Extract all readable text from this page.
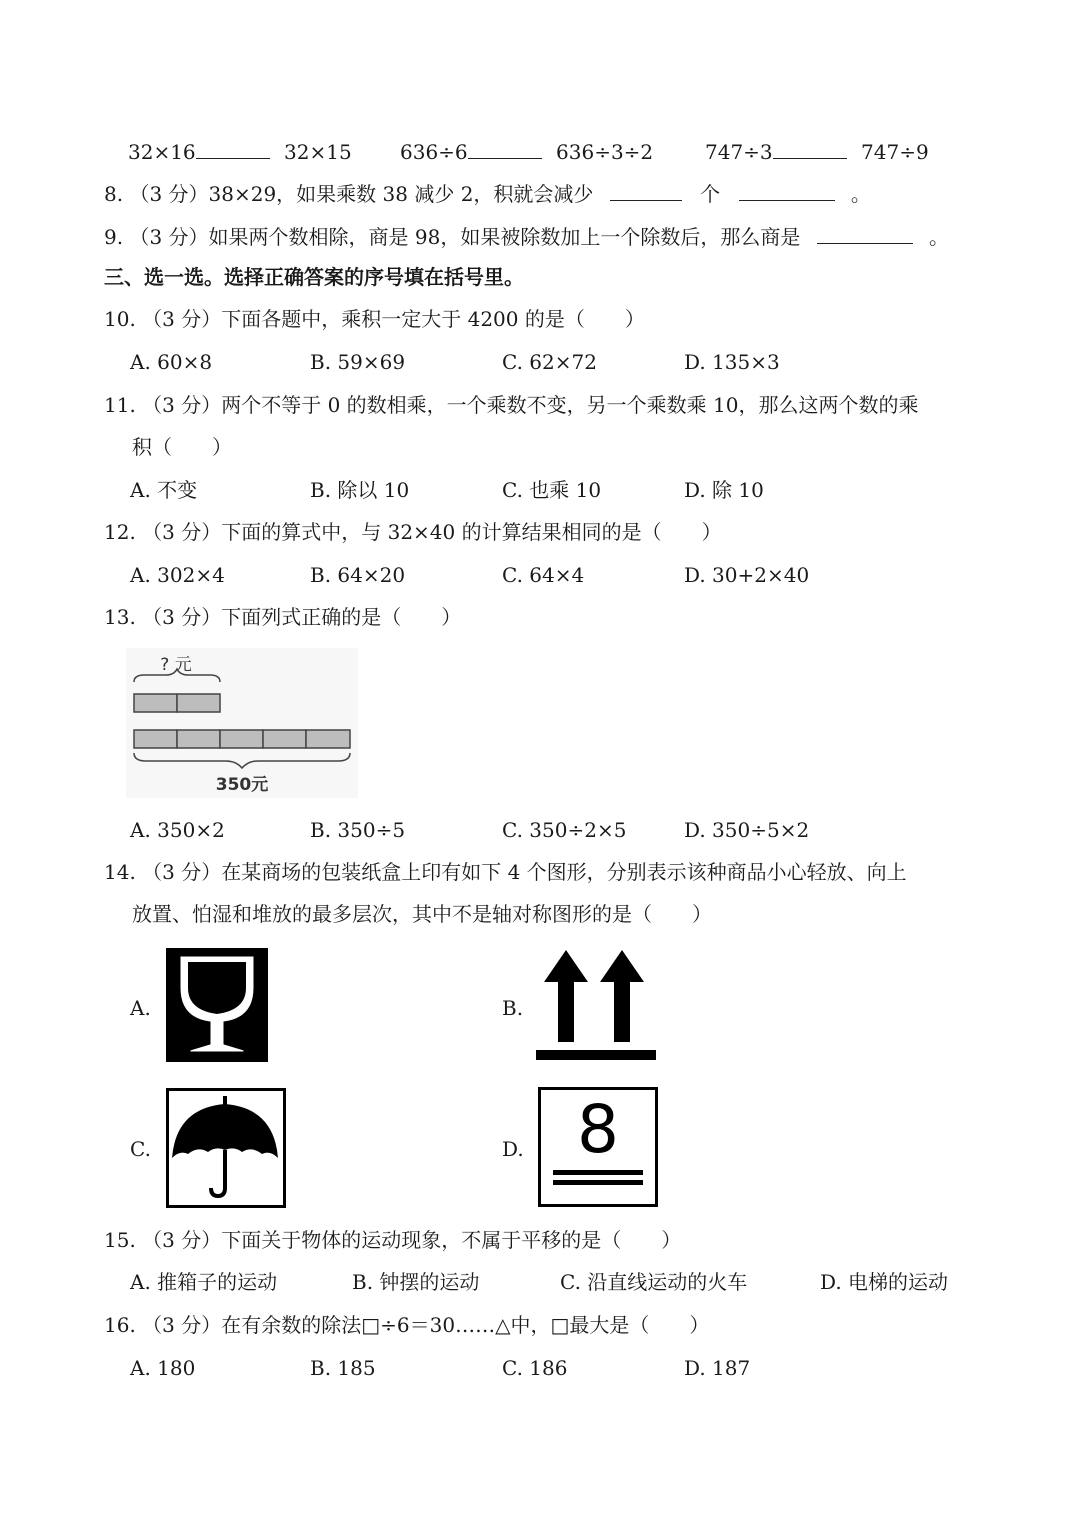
32×16	32×15 636÷6	636÷3÷2	747÷3	747÷9
8. （3 分）38×29，如果乘数 38 减少 2，积就会减少	个	。
9. （3 分）如果两个数相除，商是 98，如果被除数加上一个除数后，那么商是	。
三、选一选。选择正确答案的序号填在括号里。
10. （3 分）下面各题中，乘积一定大于 4200 的是（　　）
A. 60×8	B. 59×69	C. 62×72	D. 135×3
11. （3 分）两个不等于 0 的数相乘，一个乘数不变，另一个乘数乘 10，那么这两个数的乘
积（　　）
A. 不变	B. 除以 10	C. 也乘 10	D. 除 10
12. （3 分）下面的算式中，与 32×40 的计算结果相同的是（　　）
A. 302×4	B. 64×20	C. 64×4	D. 30+2×40
13. （3 分）下面列式正确的是（　　）
? 元
350元
A. 350×2	B. 350÷5	C. 350÷2×5	D. 350÷5×2
14. （3 分）在某商场的包装纸盒上印有如下 4 个图形，分别表示该种商品小心轻放、向上
放置、怕湿和堆放的最多层次，其中不是轴对称图形的是（　　）
A.	B.
C.	D. 8
15. （3 分）下面关于物体的运动现象，不属于平移的是（　　）
A. 推箱子的运动	B. 钟摆的运动	C. 沿直线运动的火车	D. 电梯的运动
16. （3 分）在有余数的除法□÷6＝30……△中，□最大是（　　）
A. 180	B. 185	C. 186	D. 187
